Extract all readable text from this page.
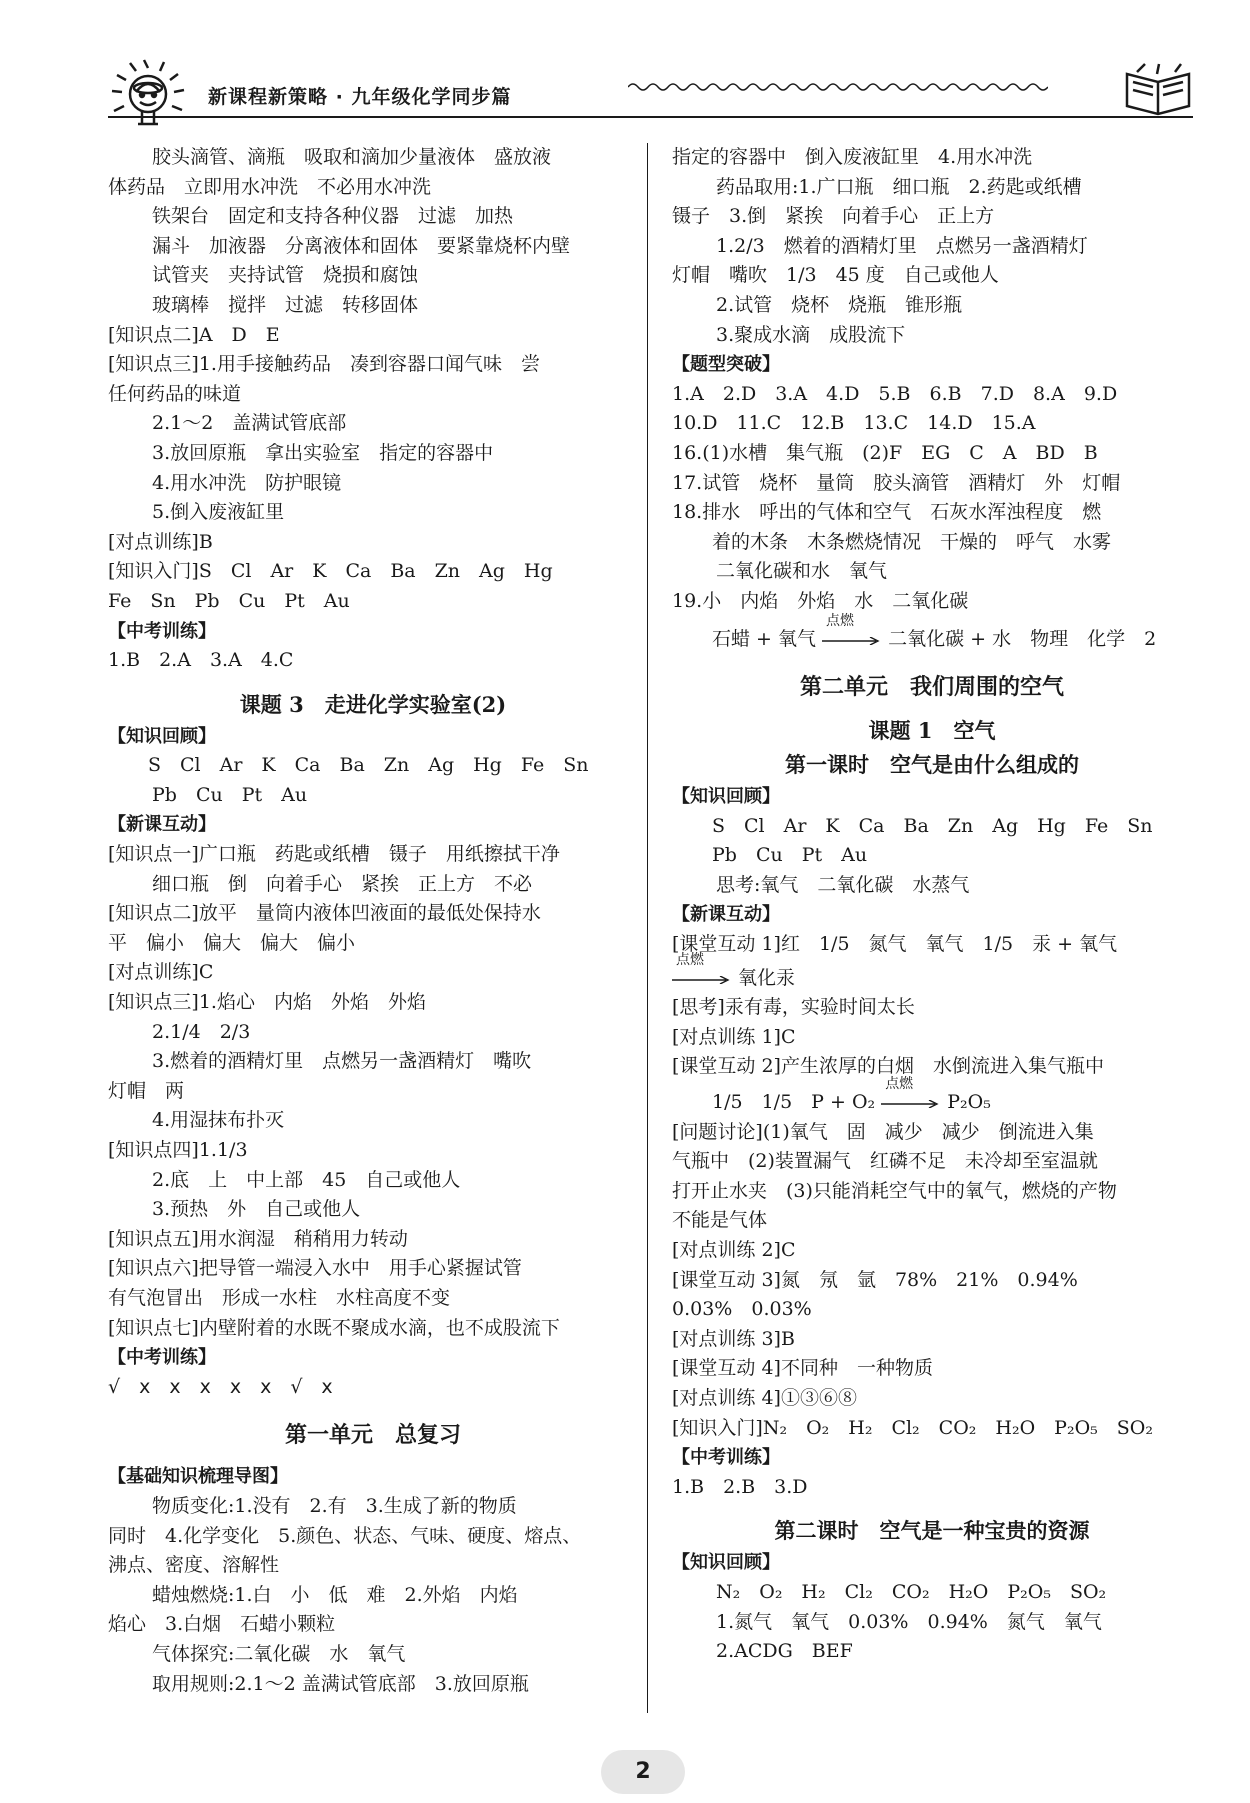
新课程新策略 · 九年级化学同步篇
胶头滴管、滴瓶　吸取和滴加少量液体　盛放液
体药品　立即用水冲洗　不必用水冲洗
铁架台　固定和支持各种仪器　过滤　加热
漏斗　加液器　分离液体和固体　要紧靠烧杯内壁
试管夹　夹持试管　烧损和腐蚀
玻璃棒　搅拌　过滤　转移固体
[知识点二]A　D　E
[知识点三]1.用手接触药品　凑到容器口闻气味　尝
任何药品的味道
2.1～2　盖满试管底部
3.放回原瓶　拿出实验室　指定的容器中
4.用水冲洗　防护眼镜
5.倒入废液缸里
[对点训练]B
[知识入门]S　Cl　Ar　K　Ca　Ba　Zn　Ag　Hg
Fe　Sn　Pb　Cu　Pt　Au
【中考训练】
1.B　2.A　3.A　4.C
课题 3　走进化学实验室(2)
【知识回顾】
S　Cl　Ar　K　Ca　Ba　Zn　Ag　Hg　Fe　Sn
Pb　Cu　Pt　Au
【新课互动】
[知识点一]广口瓶　药匙或纸槽　镊子　用纸擦拭干净
细口瓶　倒　向着手心　紧挨　正上方　不必
[知识点二]放平　量筒内液体凹液面的最低处保持水
平　偏小　偏大　偏大　偏小
[对点训练]C
[知识点三]1.焰心　内焰　外焰　外焰
2.1/4　2/3
3.燃着的酒精灯里　点燃另一盏酒精灯　嘴吹
灯帽　两
4.用湿抹布扑灭
[知识点四]1.1/3
2.底　上　中上部　45　自己或他人
3.预热　外　自己或他人
[知识点五]用水润湿　稍稍用力转动
[知识点六]把导管一端浸入水中　用手心紧握试管
有气泡冒出　形成一水柱　水柱高度不变
[知识点七]内壁附着的水既不聚成水滴，也不成股流下
【中考训练】
√　x　x　x　x　x　√　x
第一单元　总复习
【基础知识梳理导图】
物质变化:1.没有　2.有　3.生成了新的物质
同时　4.化学变化　5.颜色、状态、气味、硬度、熔点、
沸点、密度、溶解性
蜡烛燃烧:1.白　小　低　难　2.外焰　内焰
焰心　3.白烟　石蜡小颗粒
气体探究:二氧化碳　水　氧气
取用规则:2.1～2 盖满试管底部　3.放回原瓶
指定的容器中　倒入废液缸里　4.用水冲洗
药品取用:1.广口瓶　细口瓶　2.药匙或纸槽
镊子　3.倒　紧挨　向着手心　正上方
1.2/3　燃着的酒精灯里　点燃另一盏酒精灯
灯帽　嘴吹　1/3　45 度　自己或他人
2.试管　烧杯　烧瓶　锥形瓶
3.聚成水滴　成股流下
【题型突破】
1.A　2.D　3.A　4.D　5.B　6.B　7.D　8.A　9.D
10.D　11.C　12.B　13.C　14.D　15.A
16.(1)水槽　集气瓶　(2)F　EG　C　A　BD　B
17.试管　烧杯　量筒　胶头滴管　酒精灯　外　灯帽
18.排水　呼出的气体和空气　石灰水浑浊程度　燃
着的木条　木条燃烧情况　干燥的　呼气　水雾
二氧化碳和水　氧气
19.小　内焰　外焰　水　二氧化碳
石蜡 + 氧气
点燃
二氧化碳 + 水　物理　化学　2
第二单元　我们周围的空气
课题 1　空气
第一课时　空气是由什么组成的
【知识回顾】
S　Cl　Ar　K　Ca　Ba　Zn　Ag　Hg　Fe　Sn
Pb　Cu　Pt　Au
思考:氧气　二氧化碳　水蒸气
【新课互动】
[课堂互动 1]红　1/5　氮气　氧气　1/5　汞 + 氧气
点燃
氧化汞
[思考]汞有毒，实验时间太长
[对点训练 1]C
[课堂互动 2]产生浓厚的白烟　水倒流进入集气瓶中
1/5　1/5　P + O₂
点燃
P₂O₅
[问题讨论](1)氧气　固　减少　减少　倒流进入集
气瓶中　(2)装置漏气　红磷不足　未冷却至室温就
打开止水夹　(3)只能消耗空气中的氧气，燃烧的产物
不能是气体
[对点训练 2]C
[课堂互动 3]氮　氖　氩　78%　21%　0.94%
0.03%　0.03%
[对点训练 3]B
[课堂互动 4]不同种　一种物质
[对点训练 4]①③⑥⑧
[知识入门]N₂　O₂　H₂　Cl₂　CO₂　H₂O　P₂O₅　SO₂
【中考训练】
1.B　2.B　3.D
第二课时　空气是一种宝贵的资源
【知识回顾】
N₂　O₂　H₂　Cl₂　CO₂　H₂O　P₂O₅　SO₂
1.氮气　氧气　0.03%　0.94%　氮气　氧气
2.ACDG　BEF
2
